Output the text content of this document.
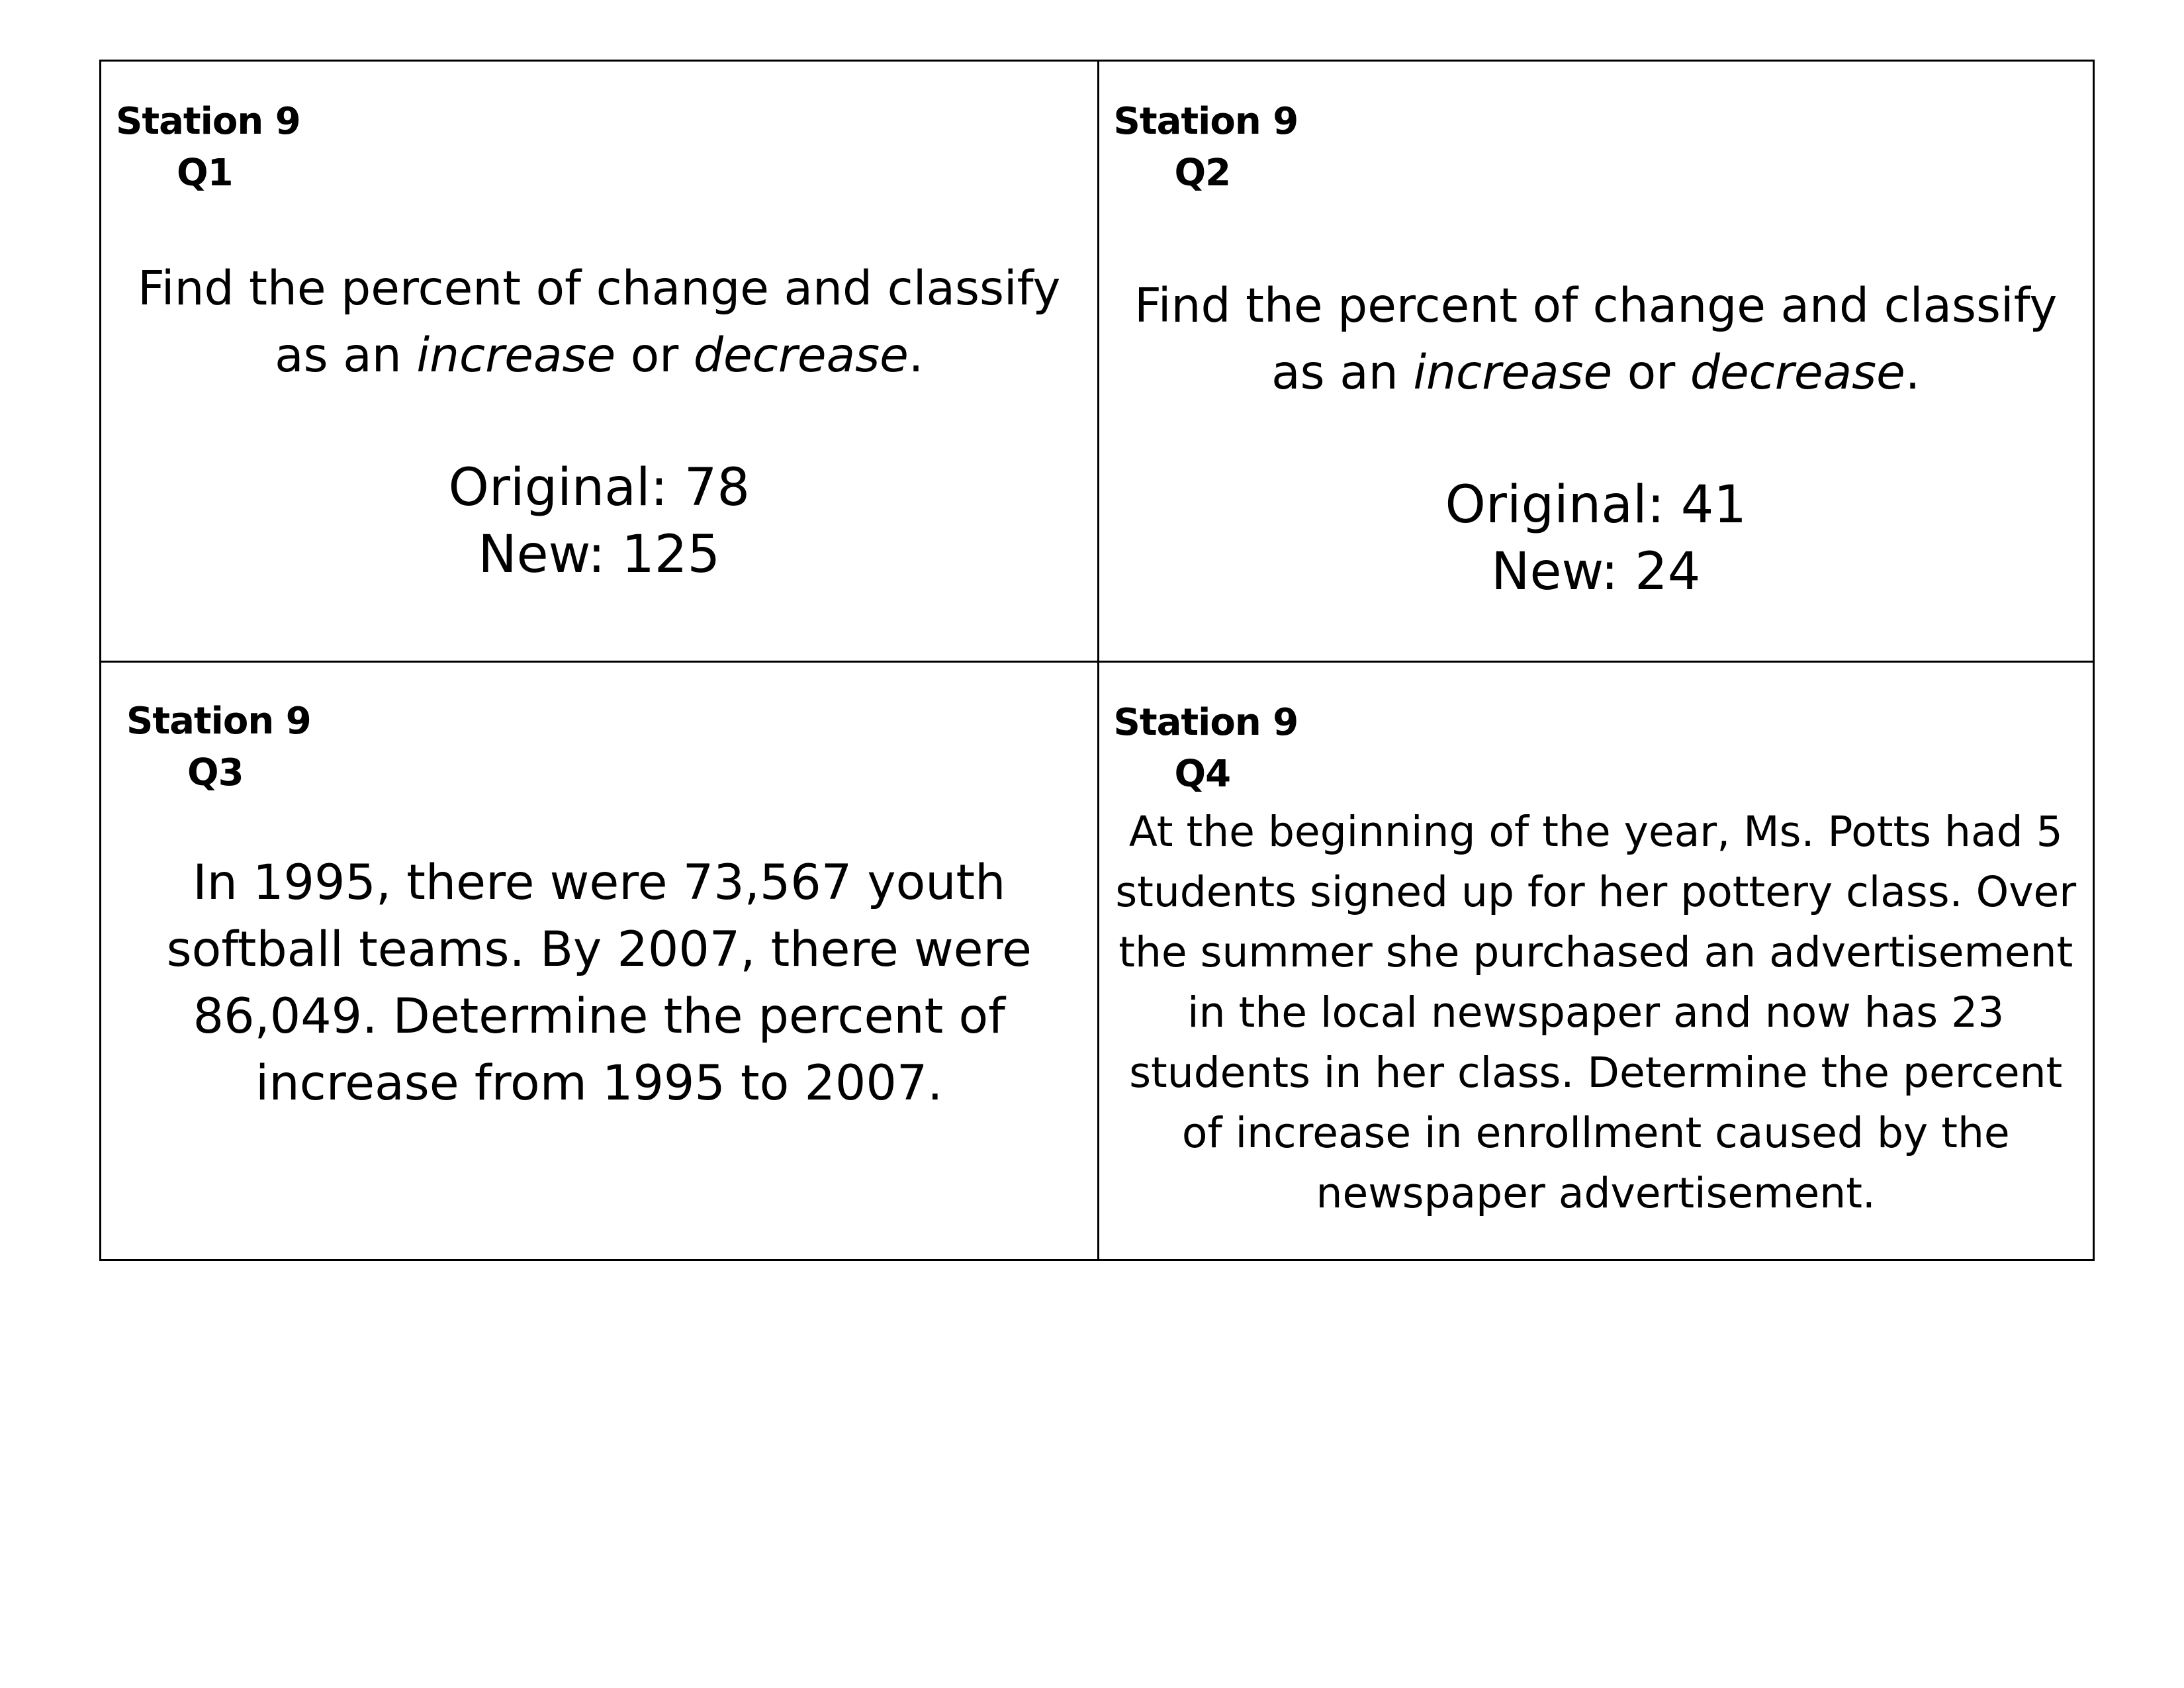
Station 9
Q1
Find the percent of change and classify as an increase or decrease.
Original: 78
New: 125
Station 9
Q2
Find the percent of change and classify as an increase or decrease.
Original: 41
New: 24
Station 9
Q3
In 1995, there were 73,567 youth softball teams. By 2007, there were 86,049. Determine the percent of increase from 1995 to 2007.
Station 9
Q4
At the beginning of the year, Ms. Potts had 5 students signed up for her pottery class. Over the summer she purchased an advertisement in the local newspaper and now has 23 students in her class. Determine the percent of increase in enrollment caused by the newspaper advertisement.
